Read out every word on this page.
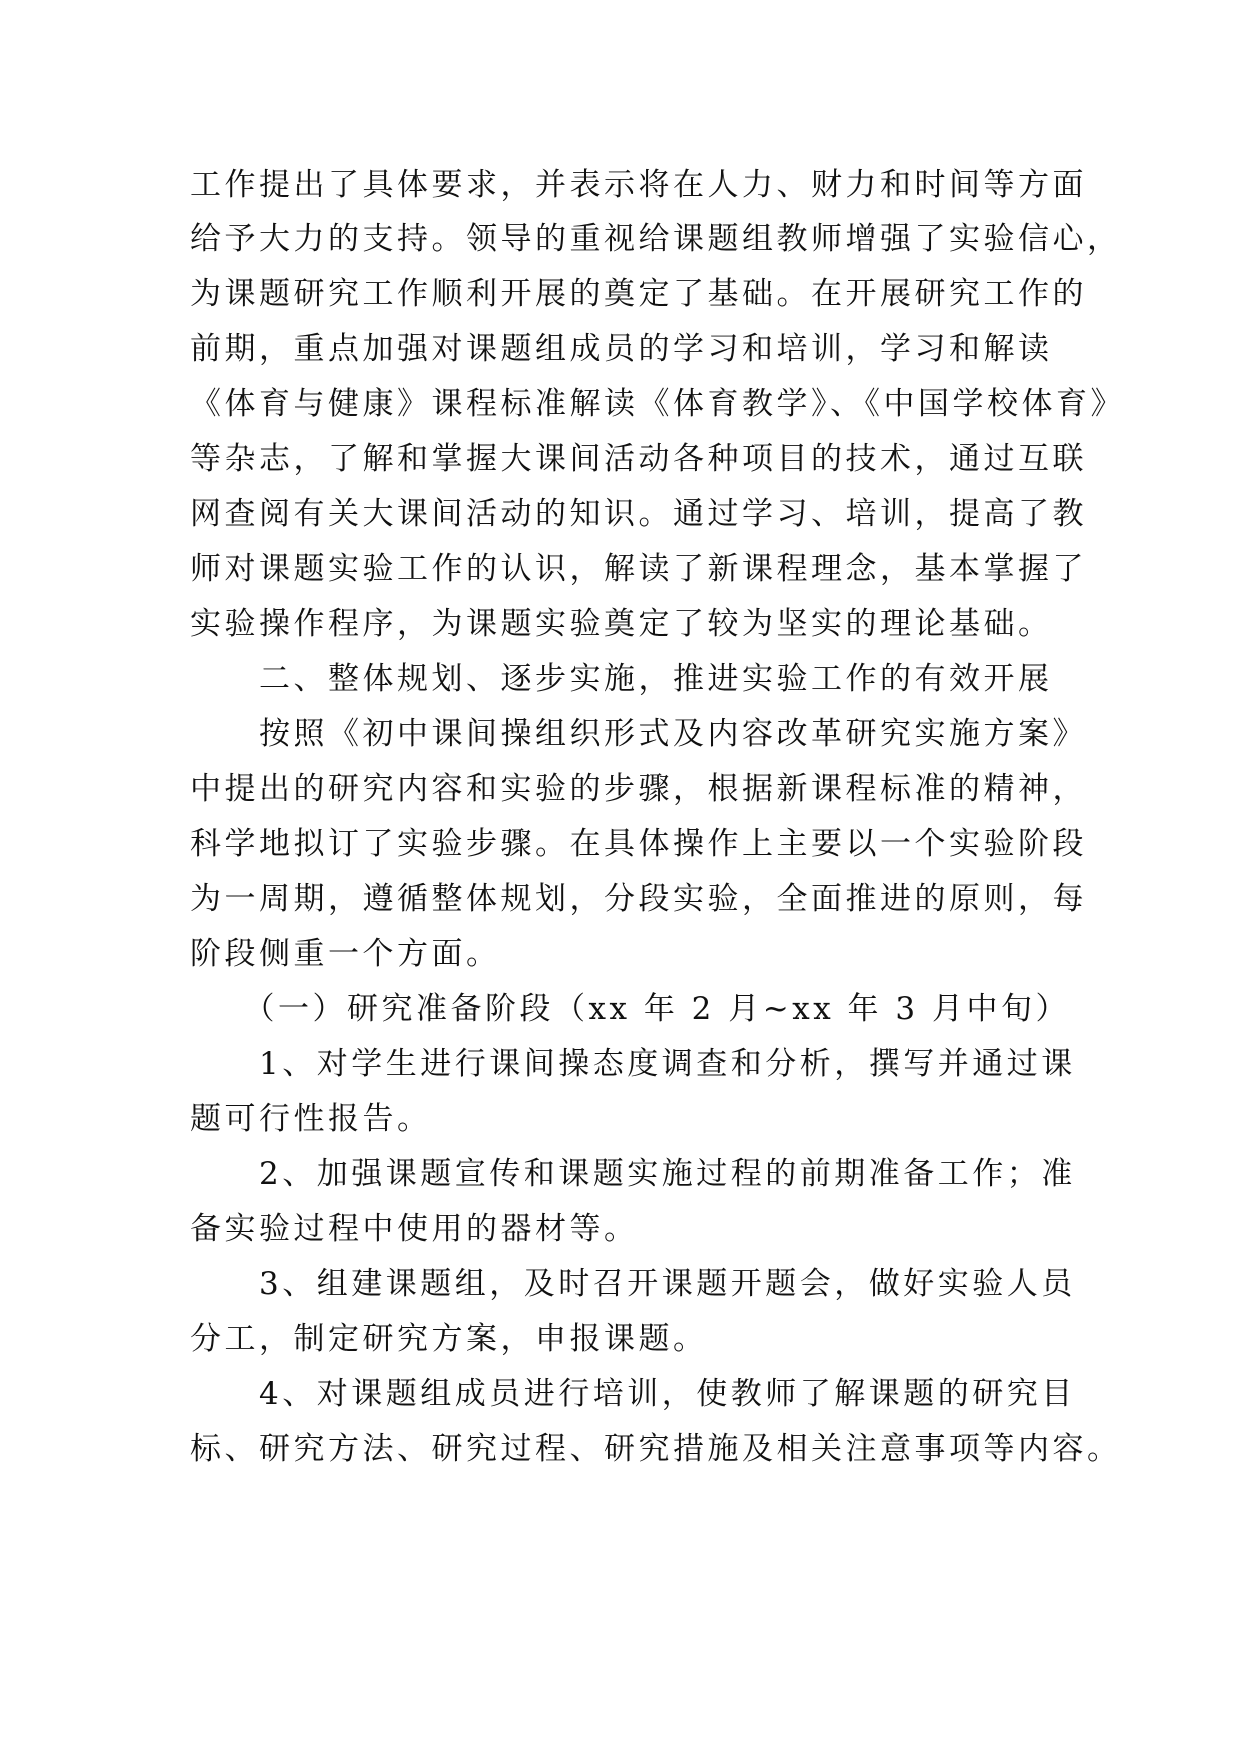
工作提出了具体要求，并表示将在人力、财力和时间等方面
给予大力的支持。领导的重视给课题组教师增强了实验信心，
为课题研究工作顺利开展的奠定了基础。在开展研究工作的
前期，重点加强对课题组成员的学习和培训，学习和解读
《体育与健康》课程标准解读《体育教学》、《中国学校体育》
等杂志，了解和掌握大课间活动各种项目的技术，通过互联
网查阅有关大课间活动的知识。通过学习、培训，提高了教
师对课题实验工作的认识，解读了新课程理念，基本掌握了
实验操作程序，为课题实验奠定了较为坚实的理论基础。
　　二、整体规划、逐步实施，推进实验工作的有效开展
　　按照《初中课间操组织形式及内容改革研究实施方案》
中提出的研究内容和实验的步骤，根据新课程标准的精神，
科学地拟订了实验步骤。在具体操作上主要以一个实验阶段
为一周期，遵循整体规划，分段实验，全面推进的原则，每
阶段侧重一个方面。
　　（一）研究准备阶段（xx 年 2 月~xx 年 3 月中旬）
　　1、对学生进行课间操态度调查和分析，撰写并通过课
题可行性报告。
　　2、加强课题宣传和课题实施过程的前期准备工作；准
备实验过程中使用的器材等。
　　3、组建课题组，及时召开课题开题会，做好实验人员
分工，制定研究方案，申报课题。
　　4、对课题组成员进行培训，使教师了解课题的研究目
标、研究方法、研究过程、研究措施及相关注意事项等内容。
